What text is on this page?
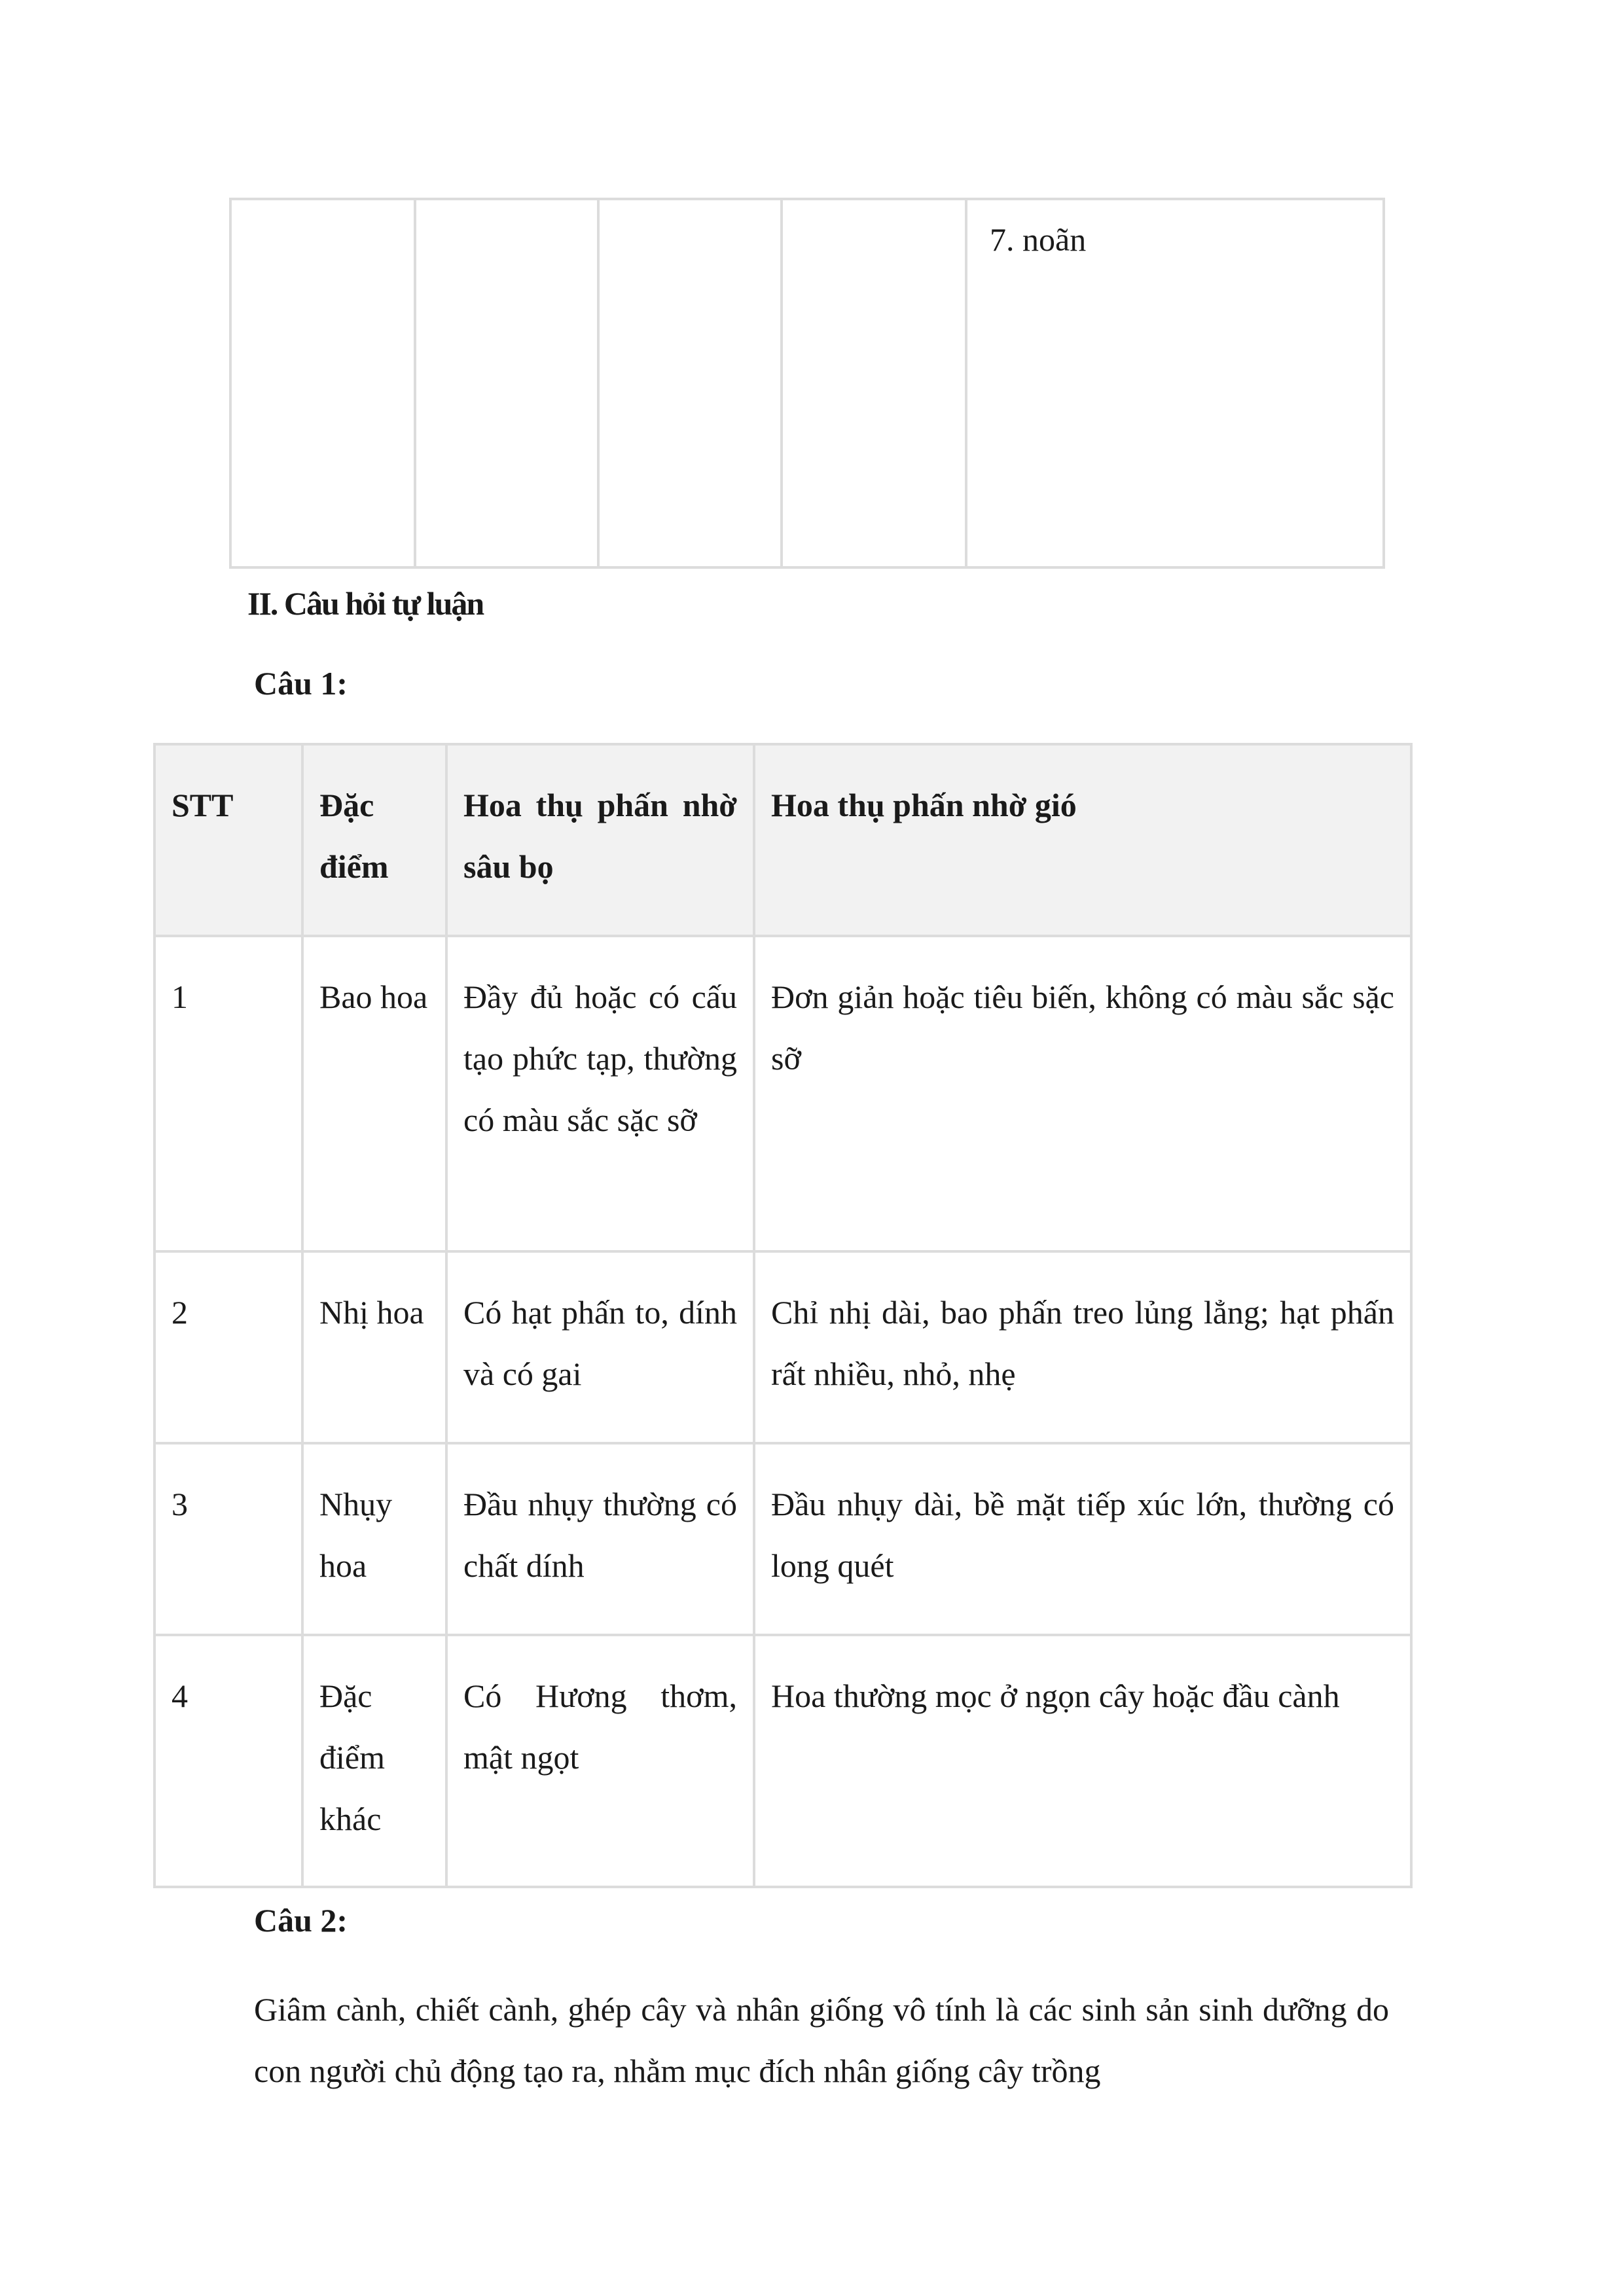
				7. noãn
II. Câu hỏi tự luận

Câu 1:

STT	Đặc điểm	Hoa thụ phấn nhờ sâu bọ	Hoa thụ phấn nhờ gió
1	Bao hoa	Đầy đủ hoặc có cấu tạo phức tạp, thường có màu sắc sặc sỡ	Đơn giản hoặc tiêu biến, không có màu sắc sặc sỡ
2	Nhị hoa	Có hạt phấn to, dính và có gai	Chỉ nhị dài, bao phấn treo lủng lẳng; hạt phấn rất nhiều, nhỏ, nhẹ
3	Nhụy hoa	Đầu nhụy thường có chất dính	Đầu nhụy dài, bề mặt tiếp xúc lớn, thường có long quét
4	Đặc điểm khác	Có Hương thơm, mật ngọt	Hoa thường mọc ở ngọn cây hoặc đầu cành

Câu 2:

Giâm cành, chiết cành, ghép cây và nhân giống vô tính là các sinh sản sinh dưỡng do con người chủ động tạo ra, nhằm mục đích nhân giống cây trồng
